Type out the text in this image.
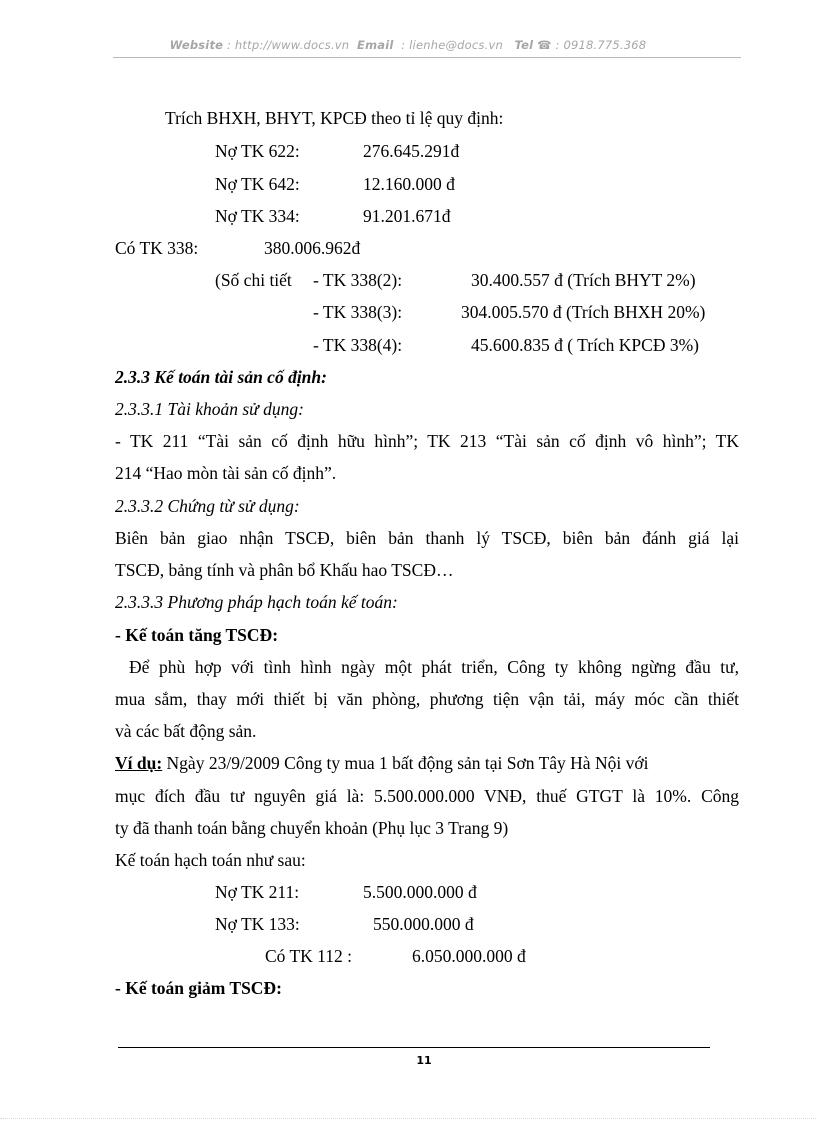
Website : http://www.docs.vn Email : lienhe@docs.vn Tel ☎ : 0918.775.368
Trích BHXH, BHYT, KPCĐ theo tỉ lệ quy định:
Nợ TK 622:	276.645.291đ
Nợ TK 642:	12.160.000 đ
Nợ TK 334:	91.201.671đ
Có TK 338:	380.006.962đ
(Số chi tiết - TK 338(2):	30.400.557 đ (Trích BHYT 2%)
- TK 338(3):	304.005.570 đ (Trích BHXH 20%)
- TK 338(4):	45.600.835 đ ( Trích KPCĐ 3%)
2.3.3 Kế toán tài sản cố định:
2.3.3.1 Tài khoản sử dụng:
- TK 211 “Tài sản cố định hữu hình”; TK 213 “Tài sản cố định vô hình”; TK
214 “Hao mòn tài sản cố định”.
2.3.3.2 Chứng từ sử dụng:
Biên bản giao nhận TSCĐ, biên bản thanh lý TSCĐ, biên bản đánh giá lại
TSCĐ, bảng tính và phân bổ Khấu hao TSCĐ…
2.3.3.3 Phương pháp hạch toán kế toán:
- Kế toán tăng TSCĐ:
Để phù hợp với tình hình ngày một phát triển, Công ty không ngừng đầu tư,
mua sắm, thay mới thiết bị văn phòng, phương tiện vận tải, máy móc cần thiết
và các bất động sản.
Ví dụ: Ngày 23/9/2009 Công ty mua 1 bất động sản tại Sơn Tây Hà Nội với
mục đích đầu tư nguyên giá là: 5.500.000.000 VNĐ, thuế GTGT là 10%. Công
ty đã thanh toán bằng chuyển khoản (Phụ lục 3 Trang 9)
Kế toán hạch toán như sau:
Nợ TK 211:	5.500.000.000 đ
Nợ TK 133:	550.000.000 đ
Có TK 112 :	6.050.000.000 đ
- Kế toán giảm TSCĐ:
11
